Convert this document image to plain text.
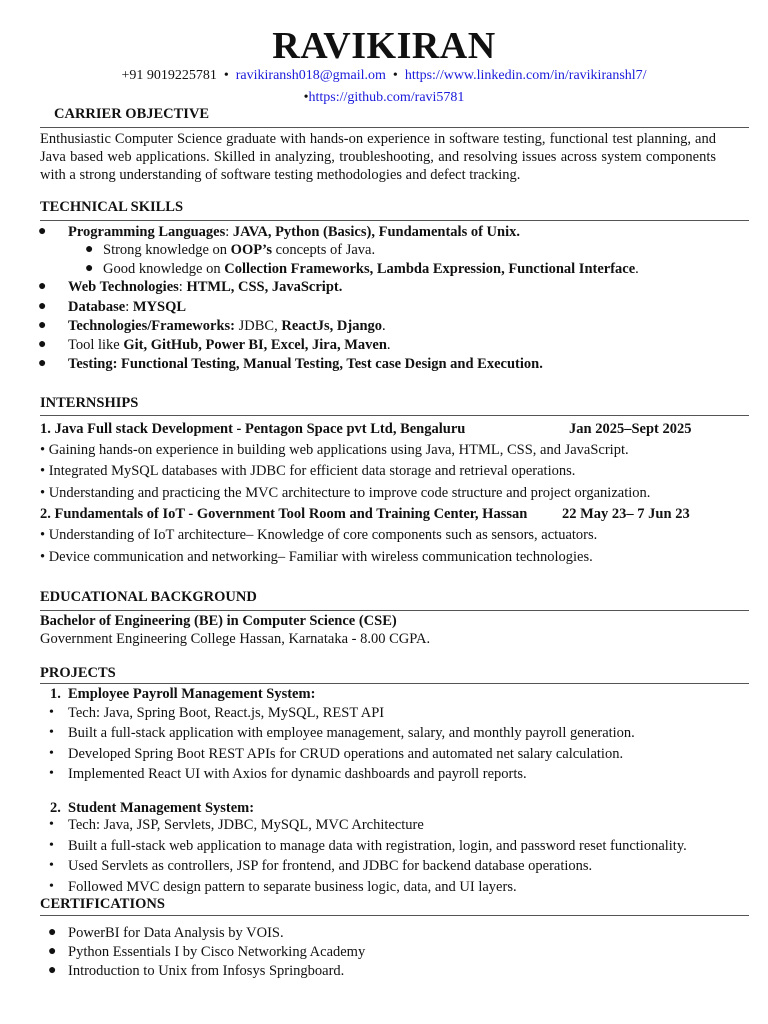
RAVIKIRAN
+91 9019225781 • ravikiransh018@gmail.om • https://www.linkedin.com/in/ravikiranshl7/
•https://github.com/ravi5781
CARRIER OBJECTIVE
Enthusiastic Computer Science graduate with hands-on experience in software testing, functional test planning, and Java based web applications. Skilled in analyzing, troubleshooting, and resolving issues across system components with a strong understanding of software testing methodologies and defect tracking.
TECHNICAL SKILLS
● Programming Languages: JAVA, Python (Basics), Fundamentals of Unix.
● Strong knowledge on OOP’s concepts of Java.
● Good knowledge on Collection Frameworks, Lambda Expression, Functional Interface.
● Web Technologies: HTML, CSS, JavaScript.
● Database: MYSQL
● Technologies/Frameworks: JDBC, ReactJs, Django.
● Tool like Git, GitHub, Power BI, Excel, Jira, Maven.
● Testing: Functional Testing, Manual Testing, Test case Design and Execution.
INTERNSHIPS
1. Java Full stack Development - Pentagon Space pvt Ltd, Bengaluru	Jan 2025–Sept 2025
• Gaining hands-on experience in building web applications using Java, HTML, CSS, and JavaScript.
• Integrated MySQL databases with JDBC for efficient data storage and retrieval operations.
• Understanding and practicing the MVC architecture to improve code structure and project organization.
2. Fundamentals of IoT - Government Tool Room and Training Center, Hassan 22 May 23– 7 Jun 23
• Understanding of IoT architecture– Knowledge of core components such as sensors, actuators.
• Device communication and networking– Familiar with wireless communication technologies.
EDUCATIONAL BACKGROUND
Bachelor of Engineering (BE) in Computer Science (CSE)
Government Engineering College Hassan, Karnataka - 8.00 CGPA.
PROJECTS
1. Employee Payroll Management System:
• Tech: Java, Spring Boot, React.js, MySQL, REST API
• Built a full-stack application with employee management, salary, and monthly payroll generation.
• Developed Spring Boot REST APIs for CRUD operations and automated net salary calculation.
• Implemented React UI with Axios for dynamic dashboards and payroll reports.
2. Student Management System:
• Tech: Java, JSP, Servlets, JDBC, MySQL, MVC Architecture
• Built a full-stack web application to manage data with registration, login, and password reset functionality.
• Used Servlets as controllers, JSP for frontend, and JDBC for backend database operations.
• Followed MVC design pattern to separate business logic, data, and UI layers.
CERTIFICATIONS
● PowerBI for Data Analysis by VOIS.
● Python Essentials I by Cisco Networking Academy
● Introduction to Unix from Infosys Springboard.
